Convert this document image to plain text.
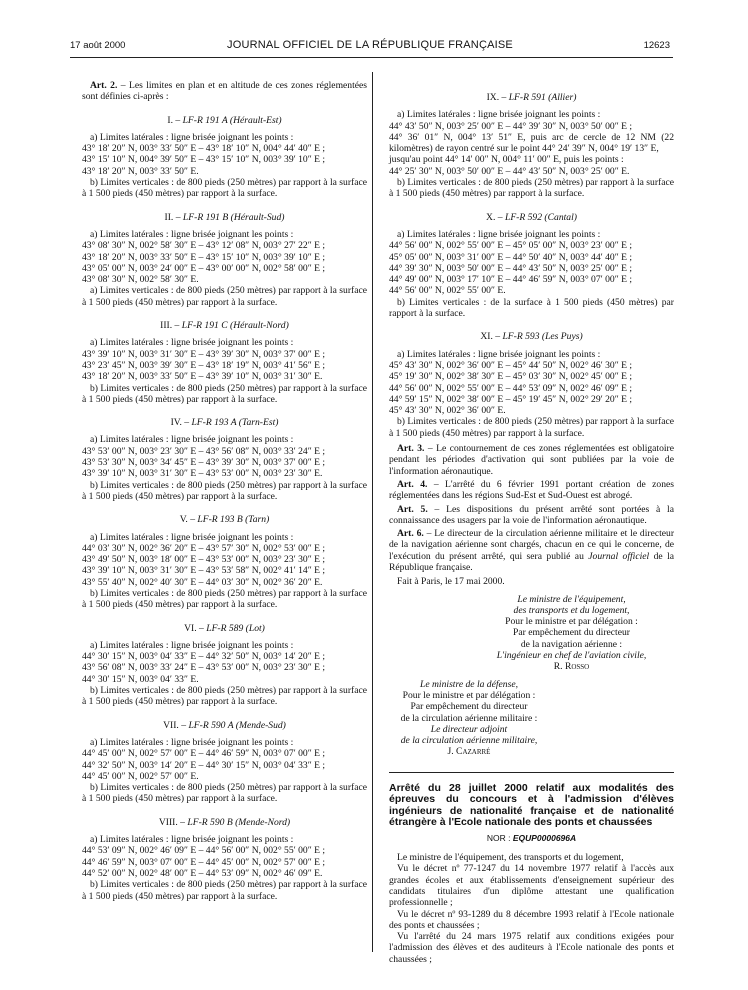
17 août 2000	JOURNAL OFFICIEL DE LA RÉPUBLIQUE FRANÇAISE	12623

Art. 2. – Les limites en plan et en altitude de ces zones réglementées sont définies ci-après :

I. – LF-R 191 A (Hérault-Est)

a) Limites latérales : ligne brisée joignant les points :

43° 18′ 20″ N, 003° 33′ 50″ E – 43° 18′ 10″ N, 004° 44′ 40″ E ;

43° 15′ 10″ N, 004° 39′ 50″ E – 43° 15′ 10″ N, 003° 39′ 10″ E ;

43° 18′ 20″ N, 003° 33′ 50″ E.

b) Limites verticales : de 800 pieds (250 mètres) par rapport à la surface à 1 500 pieds (450 mètres) par rapport à la surface.

II. – LF-R 191 B (Hérault-Sud)

a) Limites latérales : ligne brisée joignant les points :

43° 08′ 30″ N, 002° 58′ 30″ E – 43° 12′ 08″ N, 003° 27′ 22″ E ;

43° 18′ 20″ N, 003° 33′ 50″ E – 43° 15′ 10″ N, 003° 39′ 10″ E ;

43° 05′ 00″ N, 003° 24′ 00″ E – 43° 00′ 00″ N, 002° 58′ 00″ E ;

43° 08′ 30″ N, 002° 58′ 30″ E.

a) Limites verticales : de 800 pieds (250 mètres) par rapport à la surface à 1 500 pieds (450 mètres) par rapport à la surface.

III. – LF-R 191 C (Hérault-Nord)

a) Limites latérales : ligne brisée joignant les points :

43° 39′ 10″ N, 003° 31′ 30″ E – 43° 39′ 30″ N, 003° 37′ 00″ E ;

43° 23′ 45″ N, 003° 39′ 30″ E – 43° 18′ 19″ N, 003° 41′ 56″ E ;

43° 18′ 20″ N, 003° 33′ 50″ E – 43° 39′ 10″ N, 003° 31′ 30″ E.

b) Limites verticales : de 800 pieds (250 mètres) par rapport à la surface à 1 500 pieds (450 mètres) par rapport à la surface.

IV. – LF-R 193 A (Tarn-Est)

a) Limites latérales : ligne brisée joignant les points :

43° 53′ 00″ N, 003° 23′ 30″ E – 43° 56′ 08″ N, 003° 33′ 24″ E ;

43° 53′ 30″ N, 003° 34′ 45″ E – 43° 39′ 30″ N, 003° 37′ 00″ E ;

43° 39′ 10″ N, 003° 31′ 30″ E – 43° 53′ 00″ N, 003° 23′ 30″ E.

b) Limites verticales : de 800 pieds (250 mètres) par rapport à la surface à 1 500 pieds (450 mètres) par rapport à la surface.

V. – LF-R 193 B (Tarn)

a) Limites latérales : ligne brisée joignant les points :

44° 03′ 30″ N, 002° 36′ 20″ E – 43° 57′ 30″ N, 002° 53′ 00″ E ;

43° 49′ 50″ N, 003° 18′ 00″ E – 43° 53′ 00″ N, 003° 23′ 30″ E ;

43° 39′ 10″ N, 003° 31′ 30″ E – 43° 53′ 58″ N, 002° 41′ 14″ E ;

43° 55′ 40″ N, 002° 40′ 30″ E – 44° 03′ 30″ N, 002° 36′ 20″ E.

b) Limites verticales : de 800 pieds (250 mètres) par rapport à la surface à 1 500 pieds (450 mètres) par rapport à la surface.

VI. – LF-R 589 (Lot)

a) Limites latérales : ligne brisée joignant les points :

44° 30′ 15″ N, 003° 04′ 33″ E – 44° 32′ 50″ N, 003° 14′ 20″ E ;

43° 56′ 08″ N, 003° 33′ 24″ E – 43° 53′ 00″ N, 003° 23′ 30″ E ;

44° 30′ 15″ N, 003° 04′ 33″ E.

b) Limites verticales : de 800 pieds (250 mètres) par rapport à la surface à 1 500 pieds (450 mètres) par rapport à la surface.

VII. – LF-R 590 A (Mende-Sud)

a) Limites latérales : ligne brisée joignant les points :

44° 45′ 00″ N, 002° 57′ 00″ E – 44° 46′ 59″ N, 003° 07′ 00″ E ;

44° 32′ 50″ N, 003° 14′ 20″ E – 44° 30′ 15″ N, 003° 04′ 33″ E ;

44° 45′ 00″ N, 002° 57′ 00″ E.

b) Limites verticales : de 800 pieds (250 mètres) par rapport à la surface à 1 500 pieds (450 mètres) par rapport à la surface.

VIII. – LF-R 590 B (Mende-Nord)

a) Limites latérales : ligne brisée joignant les points :

44° 53′ 09″ N, 002° 46′ 09″ E – 44° 56′ 00″ N, 002° 55′ 00″ E ;

44° 46′ 59″ N, 003° 07′ 00″ E – 44° 45′ 00″ N, 002° 57′ 00″ E ;

44° 52′ 00″ N, 002° 48′ 00″ E – 44° 53′ 09″ N, 002° 46′ 09″ E.

b) Limites verticales : de 800 pieds (250 mètres) par rapport à la surface à 1 500 pieds (450 mètres) par rapport à la surface.

IX. – LF-R 591 (Allier)

a) Limites latérales : ligne brisée joignant les points :

44° 43′ 50″ N, 003° 25′ 00″ E – 44° 39′ 30″ N, 003° 50′ 00″ E ;

44° 36′ 01″ N, 004° 13′ 51″ E, puis arc de cercle de 12 NM (22 kilomètres) de rayon centré sur le point 44° 24′ 39″ N, 004° 19′ 13″ E,

jusqu'au point 44° 14′ 00″ N, 004° 11′ 00″ E, puis les points :

44° 25′ 30″ N, 003° 50′ 00″ E – 44° 43′ 50″ N, 003° 25′ 00″ E.

b) Limites verticales : de 800 pieds (250 mètres) par rapport à la surface à 1 500 pieds (450 mètres) par rapport à la surface.

X. – LF-R 592 (Cantal)

a) Limites latérales : ligne brisée joignant les points :

44° 56′ 00″ N, 002° 55′ 00″ E – 45° 05′ 00″ N, 003° 23′ 00″ E ;

45° 05′ 00″ N, 003° 31′ 00″ E – 44° 50′ 40″ N, 003° 44′ 40″ E ;

44° 39′ 30″ N, 003° 50′ 00″ E – 44° 43′ 50″ N, 003° 25′ 00″ E ;

44° 49′ 00″ N, 003° 17′ 10″ E – 44° 46′ 59″ N, 003° 07′ 00″ E ;

44° 56′ 00″ N, 002° 55′ 00″ E.

b) Limites verticales : de la surface à 1 500 pieds (450 mètres) par rapport à la surface.

XI. – LF-R 593 (Les Puys)

a) Limites latérales : ligne brisée joignant les points :

45° 43′ 30″ N, 002° 36′ 00″ E – 45° 44′ 50″ N, 002° 46′ 30″ E ;

45° 19′ 30″ N, 002° 38′ 30″ E – 45° 03′ 30″ N, 002° 45′ 00″ E ;

44° 56′ 00″ N, 002° 55′ 00″ E – 44° 53′ 09″ N, 002° 46′ 09″ E ;

44° 59′ 15″ N, 002° 38′ 00″ E – 45° 19′ 45″ N, 002° 29′ 20″ E ;

45° 43′ 30″ N, 002° 36′ 00″ E.

b) Limites verticales : de 800 pieds (250 mètres) par rapport à la surface à 1 500 pieds (450 mètres) par rapport à la surface.

Art. 3. – Le contournement de ces zones réglementées est obligatoire pendant les périodes d'activation qui sont publiées par la voie de l'information aéronautique.

Art. 4. – L'arrêté du 6 février 1991 portant création de zones réglementées dans les régions Sud-Est et Sud-Ouest est abrogé.

Art. 5. – Les dispositions du présent arrêté sont portées à la connaissance des usagers par la voie de l'information aéronautique.

Art. 6. – Le directeur de la circulation aérienne militaire et le directeur de la navigation aérienne sont chargés, chacun en ce qui le concerne, de l'exécution du présent arrêté, qui sera publié au Journal officiel de la République française.

Fait à Paris, le 17 mai 2000.

Le ministre de l'équipement,

des transports et du logement,

Pour le ministre et par délégation :

Par empêchement du directeur

de la navigation aérienne :

L'ingénieur en chef de l'aviation civile,

R. Rosso

Le ministre de la défense,

Pour le ministre et par délégation :

Par empêchement du directeur

de la circulation aérienne militaire :

Le directeur adjoint

de la circulation aérienne militaire,

J. Cazarré

Arrêté du 28 juillet 2000 relatif aux modalités des épreuves du concours et à l'admission d'élèves ingénieurs de nationalité française et de nationalité étrangère à l'Ecole nationale des ponts et chaussées

NOR : EQUP0000696A

Le ministre de l'équipement, des transports et du logement,

Vu le décret nº 77-1247 du 14 novembre 1977 relatif à l'accès aux grandes écoles et aux établissements d'enseignement supérieur des candidats titulaires d'un diplôme attestant une qualification professionnelle ;

Vu le décret nº 93-1289 du 8 décembre 1993 relatif à l'Ecole nationale des ponts et chaussées ;

Vu l'arrêté du 24 mars 1975 relatif aux conditions exigées pour l'admission des élèves et des auditeurs à l'Ecole nationale des ponts et chaussées ;
